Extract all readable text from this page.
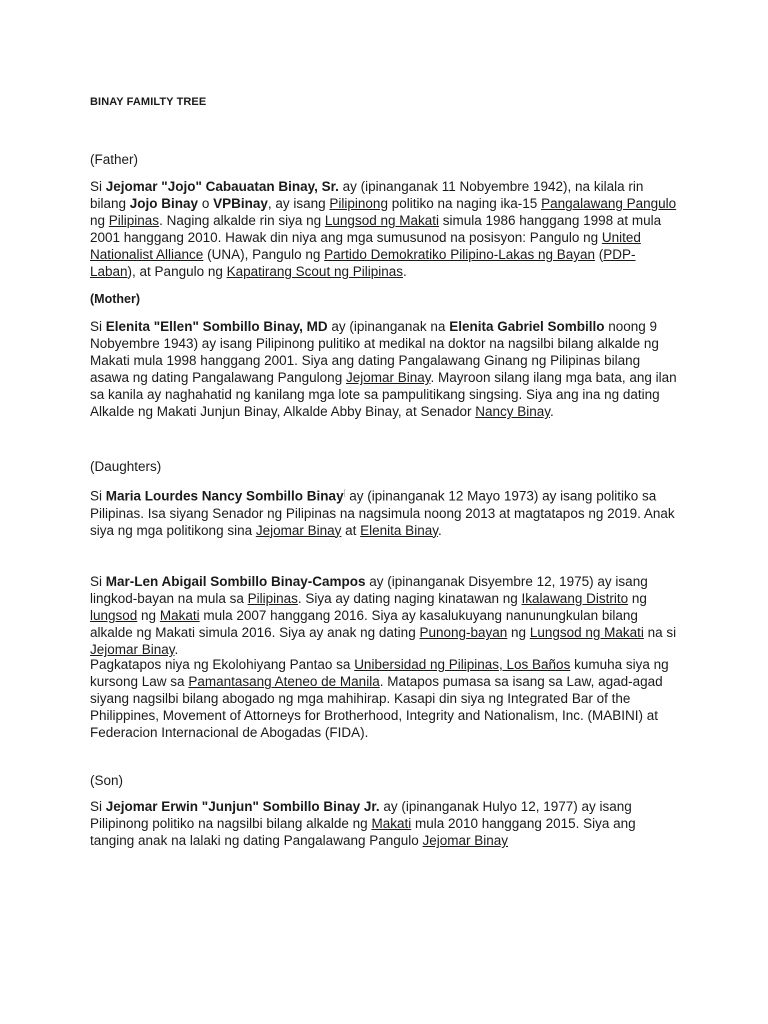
BINAY FAMILTY TREE
(Father)

Si Jejomar "Jojo" Cabauatan Binay, Sr. ay (ipinanganak 11 Nobyembre 1942), na kilala rin bilang Jojo Binay o VPBinay, ay isang Pilipinong politiko na naging ika-15 Pangalawang Pangulo ng Pilipinas. Naging alkalde rin siya ng Lungsod ng Makati simula 1986 hanggang 1998 at mula 2001 hanggang 2010. Hawak din niya ang mga sumusunod na posisyon: Pangulo ng United Nationalist Alliance (UNA), Pangulo ng Partido Demokratiko Pilipino-Lakas ng Bayan (PDP-Laban), at Pangulo ng Kapatirang Scout ng Pilipinas.

(Mother)

Si Elenita "Ellen" Sombillo Binay, MD ay (ipinanganak na Elenita Gabriel Sombillo noong 9 Nobyembre 1943) ay isang Pilipinong pulitiko at medikal na doktor na nagsilbi bilang alkalde ng Makati mula 1998 hanggang 2001. Siya ang dating Pangalawang Ginang ng Pilipinas bilang asawa ng dating Pangalawang Pangulong Jejomar Binay. Mayroon silang ilang mga bata, ang ilan sa kanila ay naghahatid ng kanilang mga lote sa pampulitikang singsing. Siya ang ina ng dating Alkalde ng Makati Junjun Binay, Alkalde Abby Binay, at Senador Nancy Binay.

(Daughters)

Si Maria Lourdes Nancy Sombillo Binay[ ay (ipinanganak 12 Mayo 1973) ay isang politiko sa Pilipinas. Isa siyang Senador ng Pilipinas na nagsimula noong 2013 at magtatapos ng 2019. Anak siya ng mga politikong sina Jejomar Binay at Elenita Binay.

Si Mar-Len Abigail Sombillo Binay-Campos ay (ipinanganak Disyembre 12, 1975) ay isang lingkod-bayan na mula sa Pilipinas. Siya ay dating naging kinatawan ng Ikalawang Distrito ng lungsod ng Makati mula 2007 hanggang 2016. Siya ay kasalukuyang nanunungkulan bilang alkalde ng Makati simula 2016. Siya ay anak ng dating Punong-bayan ng Lungsod ng Makati na si Jejomar Binay.

Pagkatapos niya ng Ekolohiyang Pantao sa Unibersidad ng Pilipinas, Los Baños kumuha siya ng kursong Law sa Pamantasang Ateneo de Manila. Matapos pumasa sa isang sa Law, agad-agad siyang nagsilbi bilang abogado ng mga mahihirap. Kasapi din siya ng Integrated Bar of the Philippines, Movement of Attorneys for Brotherhood, Integrity and Nationalism, Inc. (MABINI) at Federacion Internacional de Abogadas (FIDA).

(Son)

Si Jejomar Erwin "Junjun" Sombillo Binay Jr. ay (ipinanganak Hulyo 12, 1977) ay isang Pilipinong politiko na nagsilbi bilang alkalde ng Makati mula 2010 hanggang 2015. Siya ang tanging anak na lalaki ng dating Pangalawang Pangulo Jejomar Binay
